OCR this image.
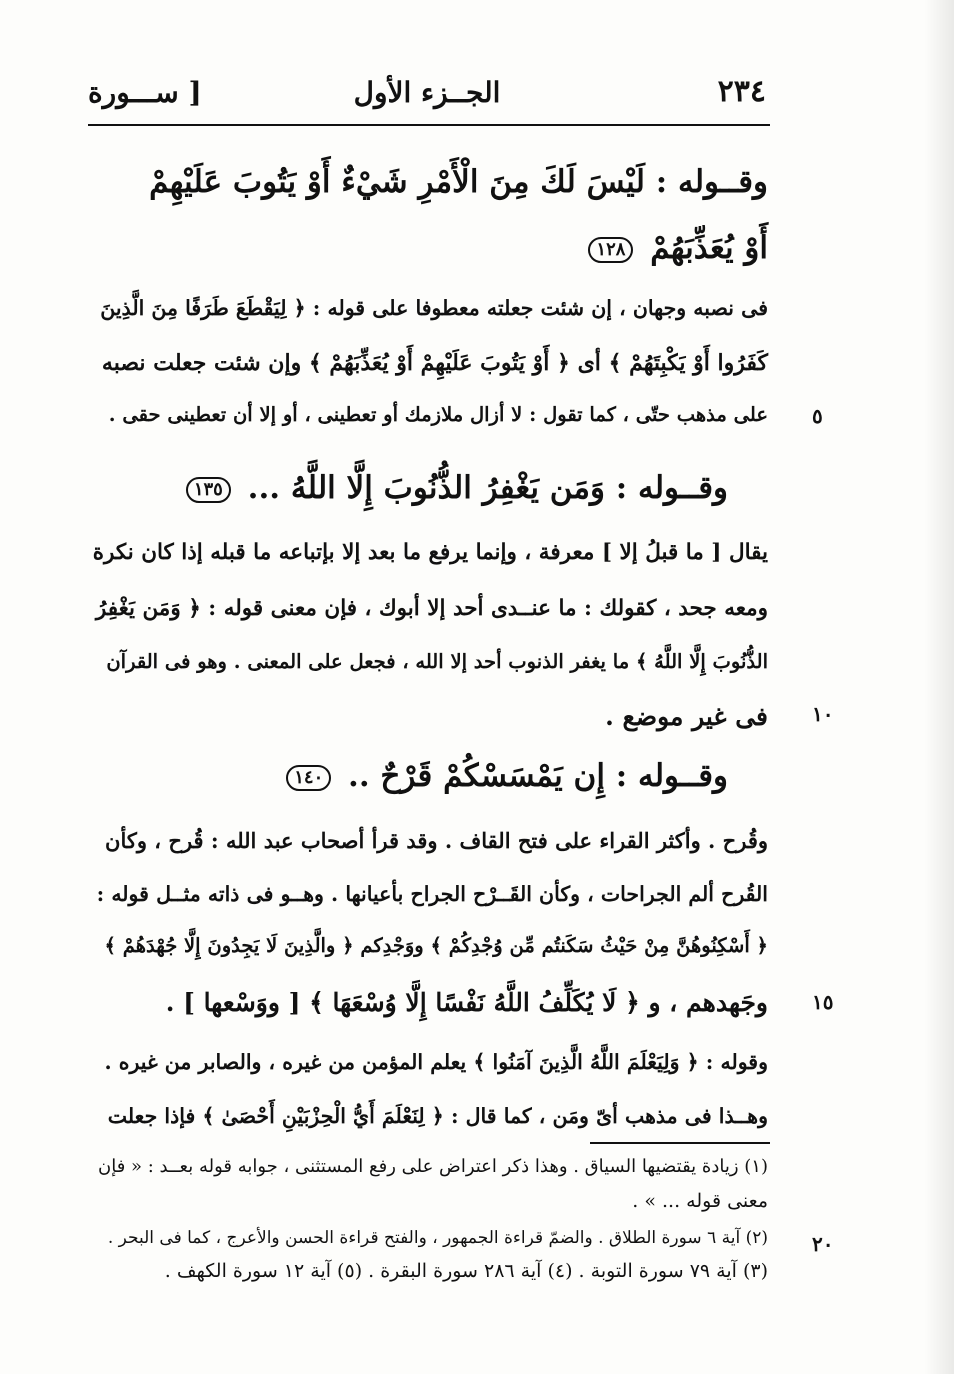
٢٣٤
الجــزء الأول
[ ســـورة
وقــوله : لَيْسَ لَكَ مِنَ الْأَمْرِ شَيْءٌ أَوْ يَتُوبَ عَلَيْهِمْ
أَوْ يُعَذِّبَهُمْ ١٢٨
فى نصبه وجهان ، إن شئت جعلته معطوفا على قوله : ﴿ لِيَقْطَعَ طَرَفًا مِنَ الَّذِينَ
كَفَرُوا أَوْ يَكْبِتَهُمْ ﴾ أى ﴿ أَوْ يَتُوبَ عَلَيْهِمْ أَوْ يُعَذِّبَهُمْ ﴾ وإن شئت جعلت نصبه
على مذهب حتّى ، كما تقول : لا أزال ملازمك أو تعطينى ، أو إلا أن تعطينى حقى .
وقــوله : وَمَن يَغْفِرُ الذُّنُوبَ إِلَّا اللَّهُ ... ١٣٥
يقال [ ما قبلُ إلا ] معرفة ، وإنما يرفع ما بعد إلا بإتباعه ما قبله إذا كان نكرة
ومعه جحد ، كقولك : ما عنــدى أحد إلا أبوك ، فإن معنى قوله : ﴿ وَمَن يَغْفِرُ
الذُّنُوبَ إِلَّا اللَّهُ ﴾ ما يغفر الذنوب أحد إلا الله ، فجعل على المعنى . وهو فى القرآن
فى غير موضع .
وقــوله : إِن يَمْسَسْكُمْ قَرْحٌ .. ١٤٠
وقُرح . وأكثر القراء على فتح القاف . وقد قرأ أصحاب عبد الله : قُرح ، وكأن
القُرح ألم الجراحات ، وكأن القَــرْح الجراح بأعيانها . وهــو فى ذاته مثــل قوله :
﴿ أَسْكِنُوهُنَّ مِنْ حَيْثُ سَكَنتُم مِّن وُجْدِكُمْ ﴾ ووَجْدِكم ﴿ والَّذِينَ لَا يَجِدُونَ إِلَّا جُهْدَهُمْ ﴾
وجَهدهم ، و ﴿ لَا يُكَلِّفُ اللَّهُ نَفْسًا إِلَّا وُسْعَهَا ﴾ [ ووَسْعها ] .
وقوله : ﴿ وَلِيَعْلَمَ اللَّهُ الَّذِينَ آمَنُوا ﴾ يعلم المؤمن من غيره ، والصابر من غيره .
وهــذا فى مذهب أىّ ومَن ، كما قال : ﴿ لِنَعْلَمَ أَيُّ الْحِزْبَيْنِ أَحْصَىٰ ﴾ فإذا جعلت
٥
١٠
١٥
٢٠
(١) زيادة يقتضيها السياق . وهذا ذكر اعتراض على رفع المستثنى ، جوابه قوله بعــد : « فإن
معنى قوله ... » .
(٢) آية ٦ سورة الطلاق . والضمّ قراءة الجمهور ، والفتح قراءة الحسن والأعرج ، كما فى البحر .
(٣) آية ٧٩ سورة التوبة . (٤) آية ٢٨٦ سورة البقرة . (٥) آية ١٢ سورة الكهف .
